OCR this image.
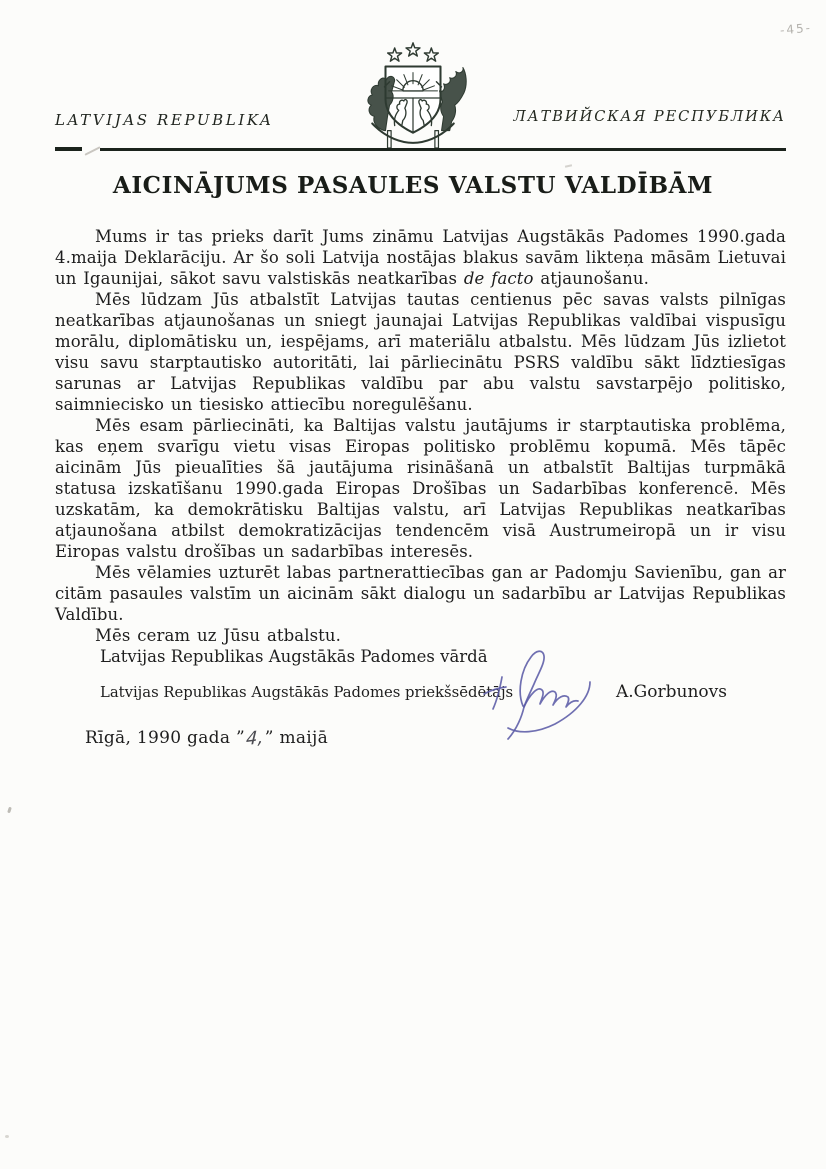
-45-
LATVIJAS REPUBLIKA	ЛАТВИЙСКАЯ РЕСПУБЛИКА
AICINĀJUMS PASAULES VALSTU VALDĪBĀM

Mums ir tas prieks darīt Jums zināmu Latvijas Augstākās Padomes 1990.gada 4.maija Deklarāciju. Ar šo soli Latvija nostājas blakus savām likteņa māsām Lietuvai un Igaunijai, sākot savu valstiskās neatkarības de facto atjaunošanu.

Mēs lūdzam Jūs atbalstīt Latvijas tautas centienus pēc savas valsts pilnīgas neatkarības atjaunošanas un sniegt jaunajai Latvijas Republikas valdībai vispusīgu morālu, diplomātisku un, iespējams, arī materiālu atbalstu. Mēs lūdzam Jūs izlietot visu savu starptautisko autoritāti, lai pārliecinātu PSRS valdību sākt līdztiesīgas sarunas ar Latvijas Republikas valdību par abu valstu savstarpējo politisko, saimniecisko un tiesisko attiecību noregulēšanu.

Mēs esam pārliecināti, ka Baltijas valstu jautājums ir starptautiska problēma, kas eņem svarīgu vietu visas Eiropas politisko problēmu kopumā. Mēs tāpēc aicinām Jūs pieualīties šā jautājuma risināšanā un atbalstīt Baltijas turpmākā statusa izskatīšanu 1990.gada Eiropas Drošības un Sadarbības konferencē. Mēs uzskatām, ka demokrātisku Baltijas valstu, arī Latvijas Republikas neatkarības atjaunošana atbilst demokratizācijas tendencēm visā Austrumeiropā un ir visu Eiropas valstu drošības un sadarbības interesēs.

Mēs vēlamies uzturēt labas partnerattiecības gan ar Padomju Savienību, gan ar citām pasaules valstīm un aicinām sākt dialogu un sadarbību ar Latvijas Republikas Valdību.

Mēs ceram uz Jūsu atbalstu.

Latvijas Republikas Augstākās Padomes vārdā
Latvijas Republikas Augstākās Padomes priekšsēdētājs	A.Gorbunovs
Rīgā, 1990 gada ”4,” maijā
